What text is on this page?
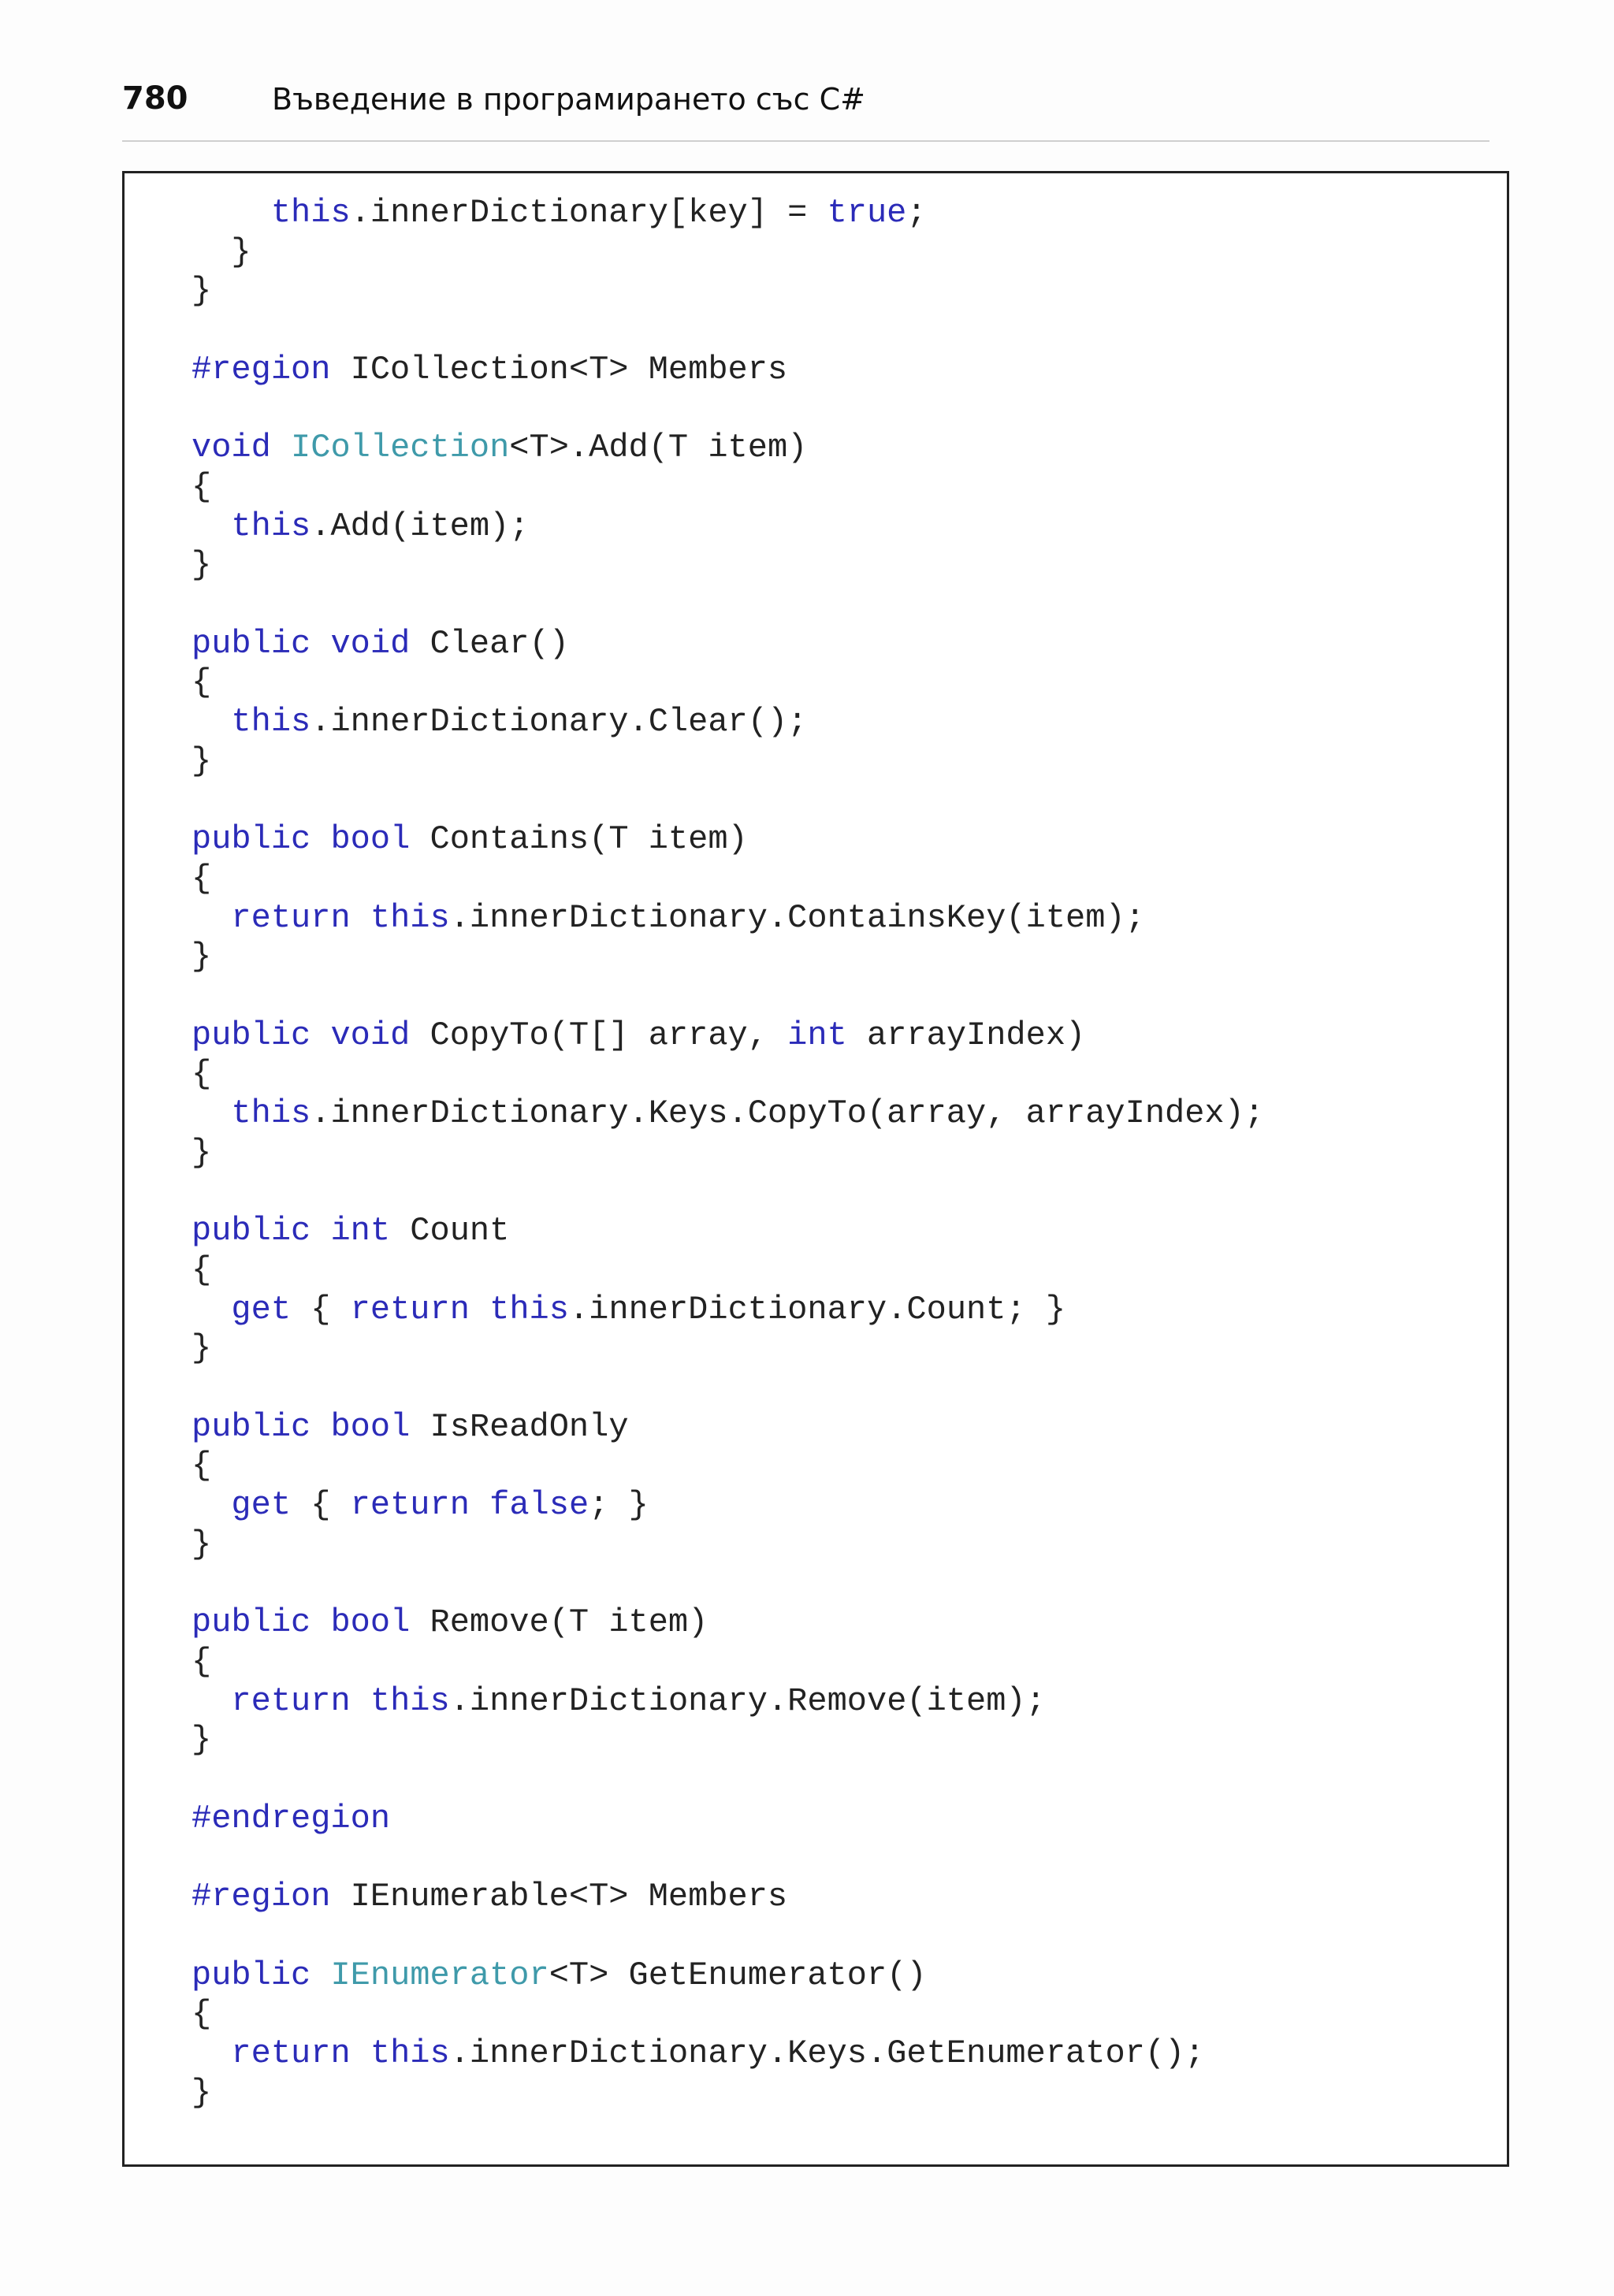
780	Въведение в програмирането със C#
this.innerDictionary[key] = true;
}
}
#region ICollection<T> Members
void ICollection<T>.Add(T item)
{
this.Add(item);
}
public void Clear()
{
this.innerDictionary.Clear();
}
public bool Contains(T item)
{
return this.innerDictionary.ContainsKey(item);
}
public void CopyTo(T[] array, int arrayIndex)
{
this.innerDictionary.Keys.CopyTo(array, arrayIndex);
}
public int Count
{
get { return this.innerDictionary.Count; }
}
public bool IsReadOnly
{
get { return false; }
}
public bool Remove(T item)
{
return this.innerDictionary.Remove(item);
}
#endregion
#region IEnumerable<T> Members
public IEnumerator<T> GetEnumerator()
{
return this.innerDictionary.Keys.GetEnumerator();
}
